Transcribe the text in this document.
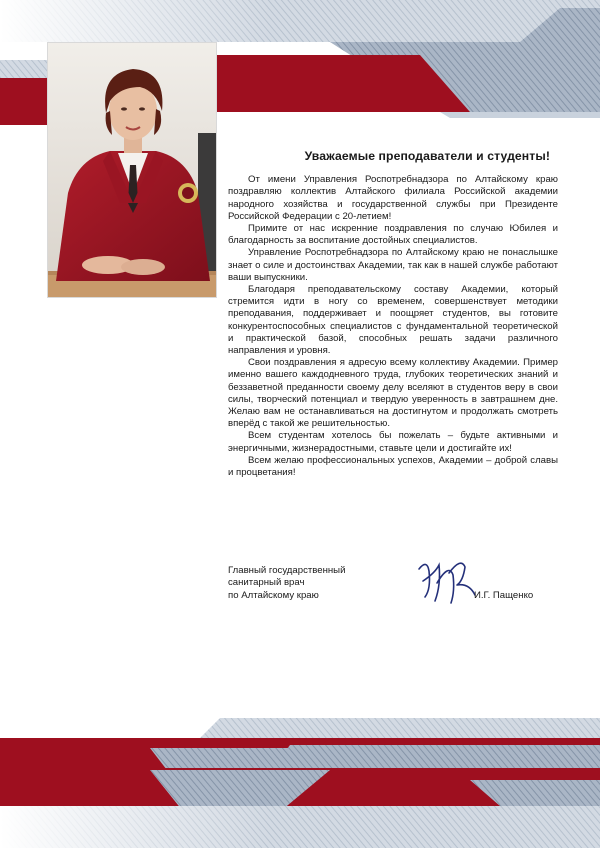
Уважаемые преподаватели и студенты!

От имени Управления Роспотребнадзора по Алтайскому краю поздравляю коллектив Алтайского филиала Российской академии народного хозяйства и государственной службы при Президенте Российской Федерации с 20-летием!

Примите от нас искренние поздравления по случаю Юбилея и благодарность за воспитание достойных специалистов.

Управление Роспотребнадзора по Алтайскому краю не понаслышке знает о силе и достоинствах Академии, так как в нашей службе работают ваши выпускники.

Благодаря преподавательскому составу Академии, который стремится идти в ногу со временем, совершенствует методики преподавания, поддерживает и поощряет студентов, вы готовите конкурентоспособных специалистов с фундаментальной теоретической и практической базой, способных решать задачи различного направления и уровня.

Свои поздравления я адресую всему коллективу Академии. Пример именно вашего каждодневного труда, глубоких теоретических знаний и беззаветной преданности своему делу вселяют в студентов веру в свои силы, творческий потенциал и твердую уверенность в завтрашнем дне. Желаю вам не останавливаться на достигнутом и продолжать смотреть вперёд с такой же решительностью.

Всем студентам хотелось бы пожелать – будьте активными и энергичными, жизнерадостными, ставьте цели и достигайте их!

Всем желаю профессиональных успехов, Академии – доброй славы и процветания!

Главный государственный
санитарный врач
по Алтайскому краю	И.Г. Пащенко
